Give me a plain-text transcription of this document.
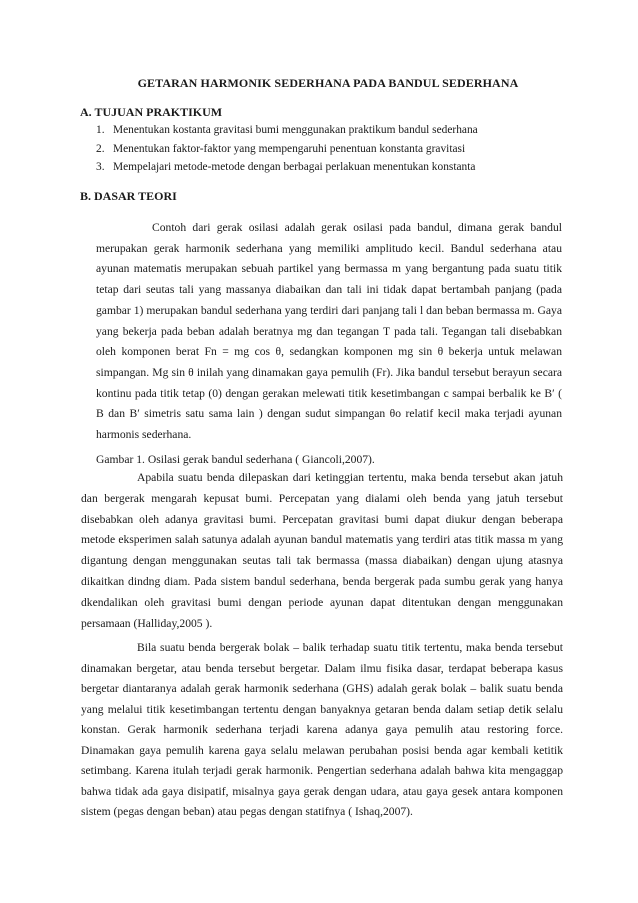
GETARAN HARMONIK SEDERHANA PADA BANDUL SEDERHANA
A. TUJUAN PRAKTIKUM
1. Menentukan kostanta gravitasi bumi menggunakan praktikum bandul sederhana
2. Menentukan faktor-faktor yang mempengaruhi penentuan konstanta gravitasi
3. Mempelajari metode-metode dengan berbagai perlakuan menentukan konstanta
B. DASAR TEORI

Contoh dari gerak osilasi adalah gerak osilasi pada bandul, dimana gerak bandul merupakan gerak harmonik sederhana yang memiliki amplitudo kecil. Bandul sederhana atau ayunan matematis merupakan sebuah partikel yang bermassa m yang bergantung pada suatu titik tetap dari seutas tali yang massanya diabaikan dan tali ini tidak dapat bertambah panjang (pada gambar 1) merupakan bandul sederhana yang terdiri dari panjang tali l dan beban bermassa m. Gaya yang bekerja pada beban adalah beratnya mg dan tegangan T pada tali. Tegangan tali disebabkan oleh komponen berat Fn = mg cos θ, sedangkan komponen mg sin θ bekerja untuk melawan simpangan. Mg sin θ inilah yang dinamakan gaya pemulih (Fr). Jika bandul tersebut berayun secara kontinu pada titik tetap (0) dengan gerakan melewati titik kesetimbangan c sampai berbalik ke B′ ( B dan B′ simetris satu sama lain ) dengan sudut simpangan θo relatif kecil maka terjadi ayunan harmonis sederhana.

Gambar 1. Osilasi gerak bandul sederhana ( Giancoli,2007).

Apabila suatu benda dilepaskan dari ketinggian tertentu, maka benda tersebut akan jatuh dan bergerak mengarah kepusat bumi. Percepatan yang dialami oleh benda yang jatuh tersebut disebabkan oleh adanya gravitasi bumi. Percepatan gravitasi bumi dapat diukur dengan beberapa metode eksperimen salah satunya adalah ayunan bandul matematis yang terdiri atas titik massa m yang digantung dengan menggunakan seutas tali tak bermassa (massa diabaikan) dengan ujung atasnya dikaitkan dindng diam. Pada sistem bandul sederhana, benda bergerak pada sumbu gerak yang hanya dkendalikan oleh gravitasi bumi dengan periode ayunan dapat ditentukan dengan menggunakan persamaan (Halliday,2005 ).

Bila suatu benda bergerak bolak – balik terhadap suatu titik tertentu, maka benda tersebut dinamakan bergetar, atau benda tersebut bergetar. Dalam ilmu fisika dasar, terdapat beberapa kasus bergetar diantaranya adalah gerak harmonik sederhana (GHS) adalah gerak bolak – balik suatu benda yang melalui titik kesetimbangan tertentu dengan banyaknya getaran benda dalam setiap detik selalu konstan. Gerak harmonik sederhana terjadi karena adanya gaya pemulih atau restoring force. Dinamakan gaya pemulih karena gaya selalu melawan perubahan posisi benda agar kembali ketitik setimbang. Karena itulah terjadi gerak harmonik. Pengertian sederhana adalah bahwa kita mengaggap bahwa tidak ada gaya disipatif, misalnya gaya gerak dengan udara, atau gaya gesek antara komponen sistem (pegas dengan beban) atau pegas dengan statifnya ( Ishaq,2007).
